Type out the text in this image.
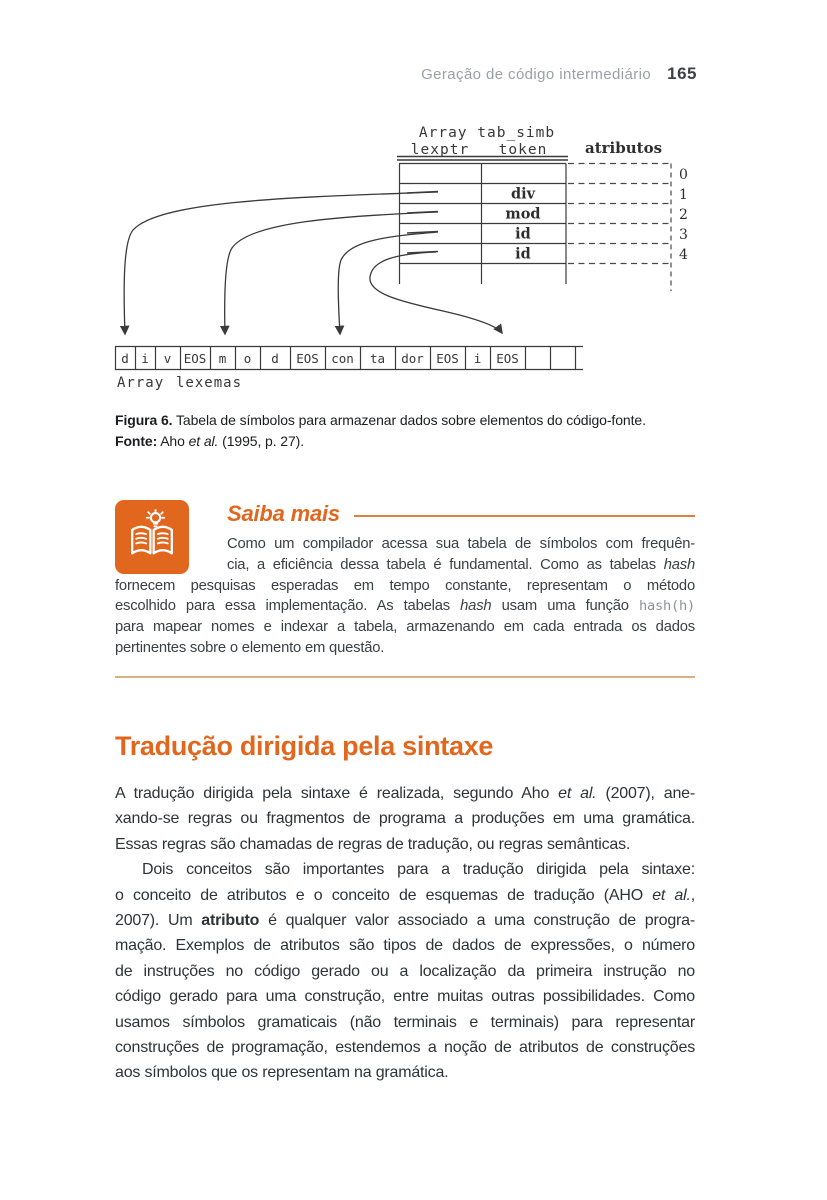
Geração de código intermediário 165
Array tab_simb
lexptr token	atributos
div
mod
id
id
0
1
2
3
4
d i v EOS m o d EOS con ta dor EOS i EOS
Array lexemas
Figura 6. Tabela de símbolos para armazenar dados sobre elementos do código-fonte.
Fonte: Aho et al. (1995, p. 27).
Saiba mais
Como um compilador acessa sua tabela de símbolos com frequên-
cia, a eficiência dessa tabela é fundamental. Como as tabelas hash
fornecem pesquisas esperadas em tempo constante, representam o método
escolhido para essa implementação. As tabelas hash usam uma função hash(h)
para mapear nomes e indexar a tabela, armazenando em cada entrada os dados
pertinentes sobre o elemento em questão.
Tradução dirigida pela sintaxe
A tradução dirigida pela sintaxe é realizada, segundo Aho et al. (2007), ane-
xando-se regras ou fragmentos de programa a produções em uma gramática.
Essas regras são chamadas de regras de tradução, ou regras semânticas.
Dois conceitos são importantes para a tradução dirigida pela sintaxe:
o conceito de atributos e o conceito de esquemas de tradução (AHO et al.,
2007). Um atributo é qualquer valor associado a uma construção de progra-
mação. Exemplos de atributos são tipos de dados de expressões, o número
de instruções no código gerado ou a localização da primeira instrução no
código gerado para uma construção, entre muitas outras possibilidades. Como
usamos símbolos gramaticais (não terminais e terminais) para representar
construções de programação, estendemos a noção de atributos de construções
aos símbolos que os representam na gramática.
